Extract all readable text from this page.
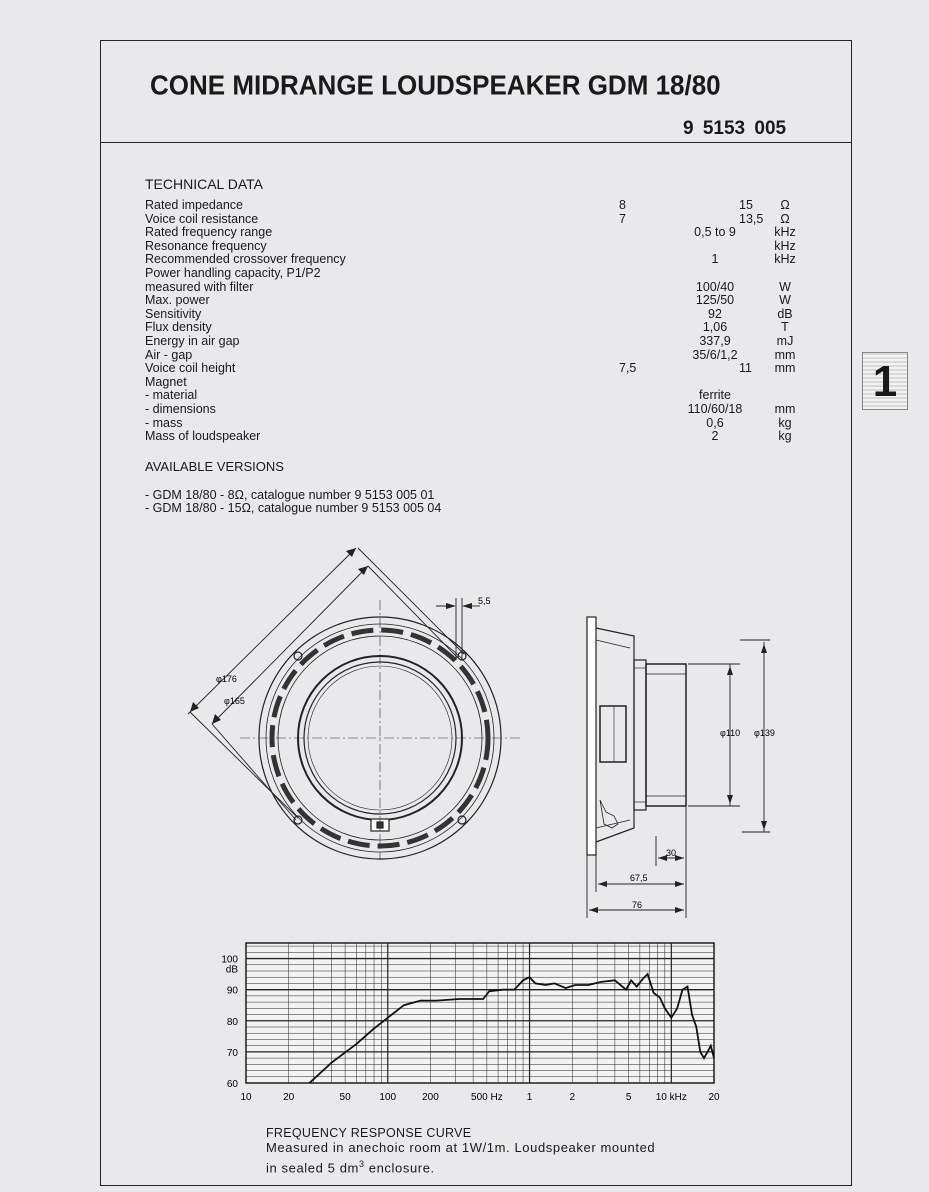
CONE MIDRANGE LOUDSPEAKER GDM 18/80
9 5153 005
1
TECHNICAL DATA
Rated impedance	8	15	Ω
Voice coil resistance	7	13,5	Ω
Rated frequency range	0,5 to 9	kHz
Resonance frequency	kHz
Recommended crossover frequency	1	kHz
Power handling capacity, P1/P2
measured with filter	100/40	W
Max. power	125/50	W
Sensitivity	92	dB
Flux density	1,06	T
Energy in air gap	337,9	mJ
Air - gap	35/6/1,2	mm
Voice coil height	7,5	11	mm
Magnet
- material	ferrite
- dimensions	110/60/18	mm
- mass	0,6	kg
Mass of loudspeaker	2	kg
AVAILABLE VERSIONS
- GDM 18/80 - 8Ω, catalogue number 9 5153 005 01
- GDM 18/80 - 15Ω, catalogue number 9 5153 005 04
5,5
φ176
φ165
φ110 φ139
30
67,5
76
100
dB
90
80
70
60
10	20	50	100	200	500 Hz 1	2	5 10 kHz 20
FREQUENCY RESPONSE CURVE
Measured in anechoic room at 1W/1m. Loudspeaker mounted
in sealed 5 $dm^3$ enclosure.
